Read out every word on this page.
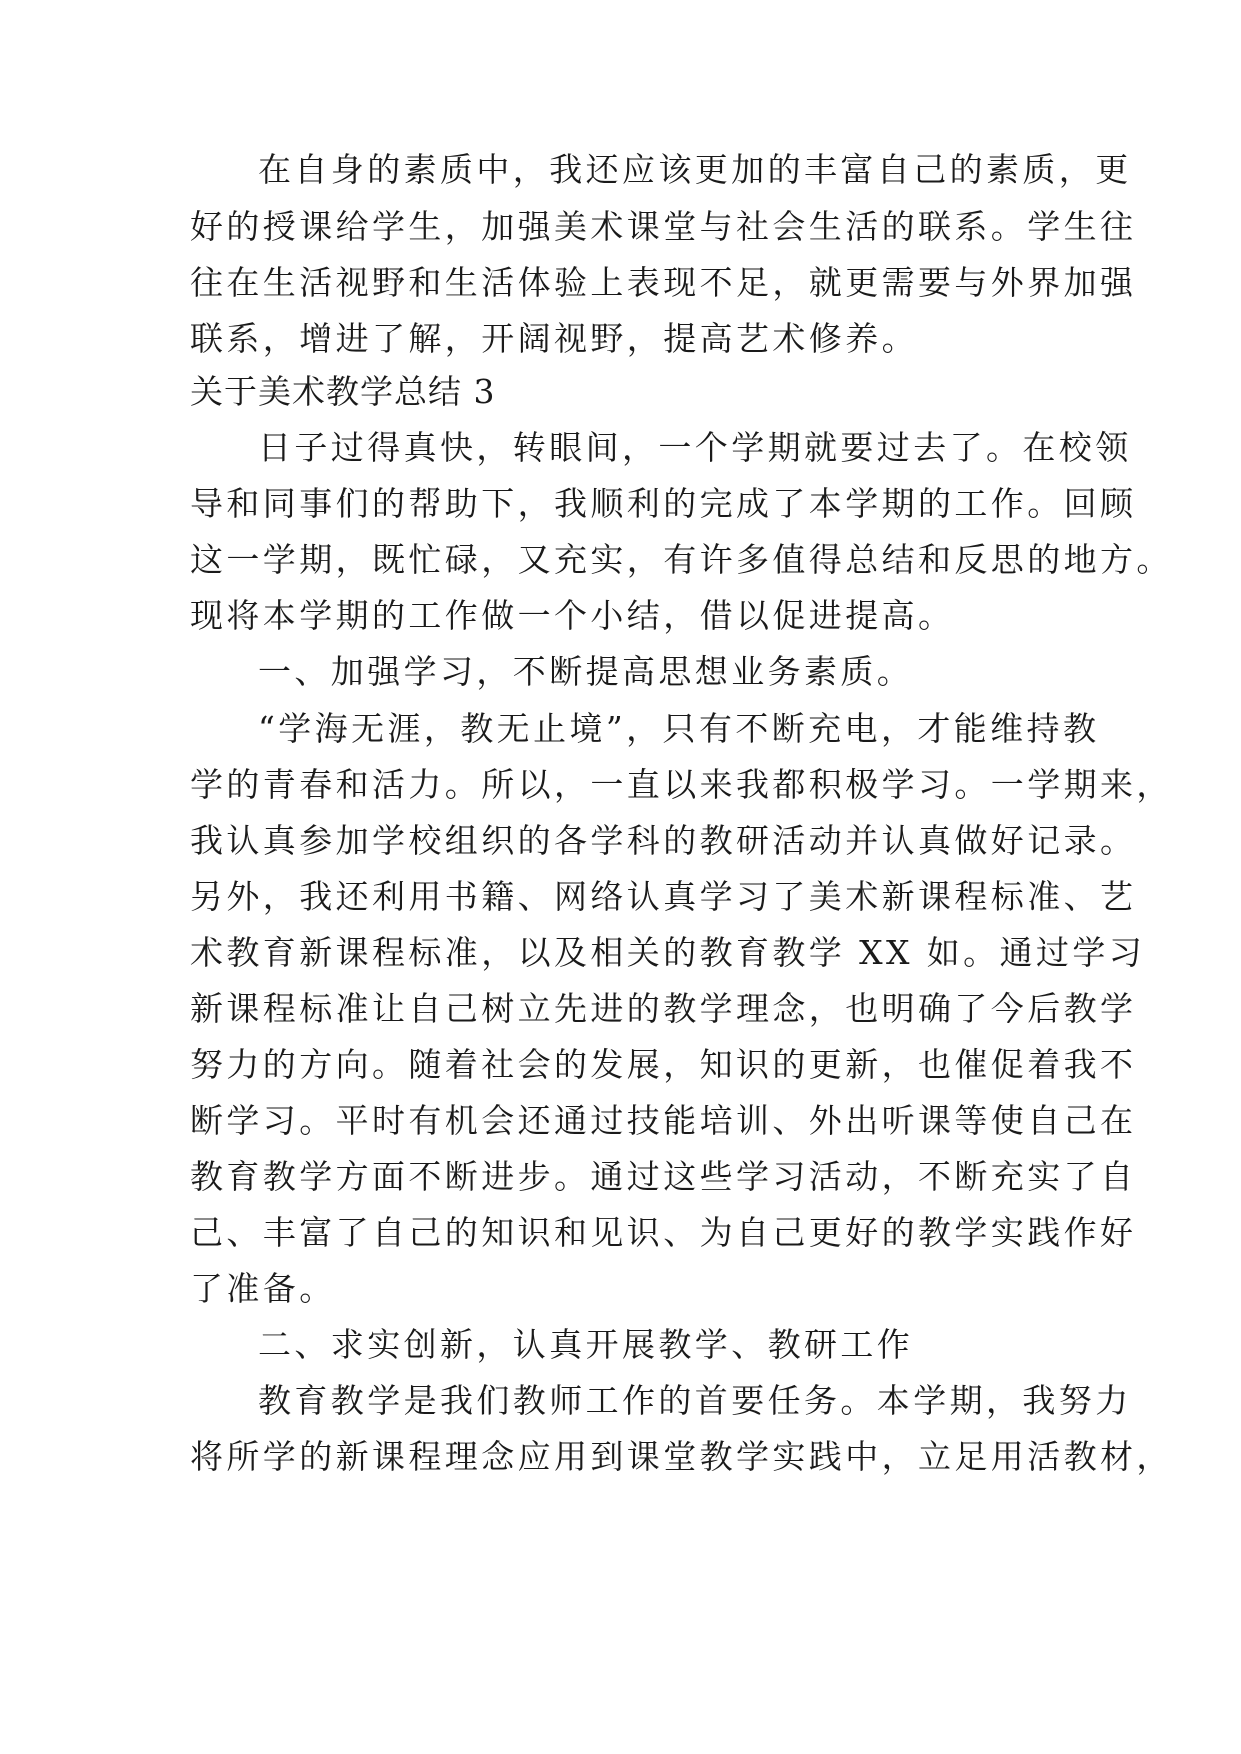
在自身的素质中，我还应该更加的丰富自己的素质，更
好的授课给学生，加强美术课堂与社会生活的联系。学生往
往在生活视野和生活体验上表现不足，就更需要与外界加强
联系，增进了解，开阔视野，提高艺术修养。
关于美术教学总结 3
日子过得真快，转眼间，一个学期就要过去了。在校领
导和同事们的帮助下，我顺利的完成了本学期的工作。回顾
这一学期，既忙碌，又充实，有许多值得总结和反思的地方。
现将本学期的工作做一个小结，借以促进提高。
一、加强学习，不断提高思想业务素质。
“学海无涯，教无止境”，只有不断充电，才能维持教
学的青春和活力。所以，一直以来我都积极学习。一学期来，
我认真参加学校组织的各学科的教研活动并认真做好记录。
另外，我还利用书籍、网络认真学习了美术新课程标准、艺
术教育新课程标准，以及相关的教育教学 XX 如。通过学习
新课程标准让自己树立先进的教学理念，也明确了今后教学
努力的方向。随着社会的发展，知识的更新，也催促着我不
断学习。平时有机会还通过技能培训、外出听课等使自己在
教育教学方面不断进步。通过这些学习活动，不断充实了自
己、丰富了自己的知识和见识、为自己更好的教学实践作好
了准备。
二、求实创新，认真开展教学、教研工作
教育教学是我们教师工作的首要任务。本学期，我努力
将所学的新课程理念应用到课堂教学实践中，立足用活教材，
